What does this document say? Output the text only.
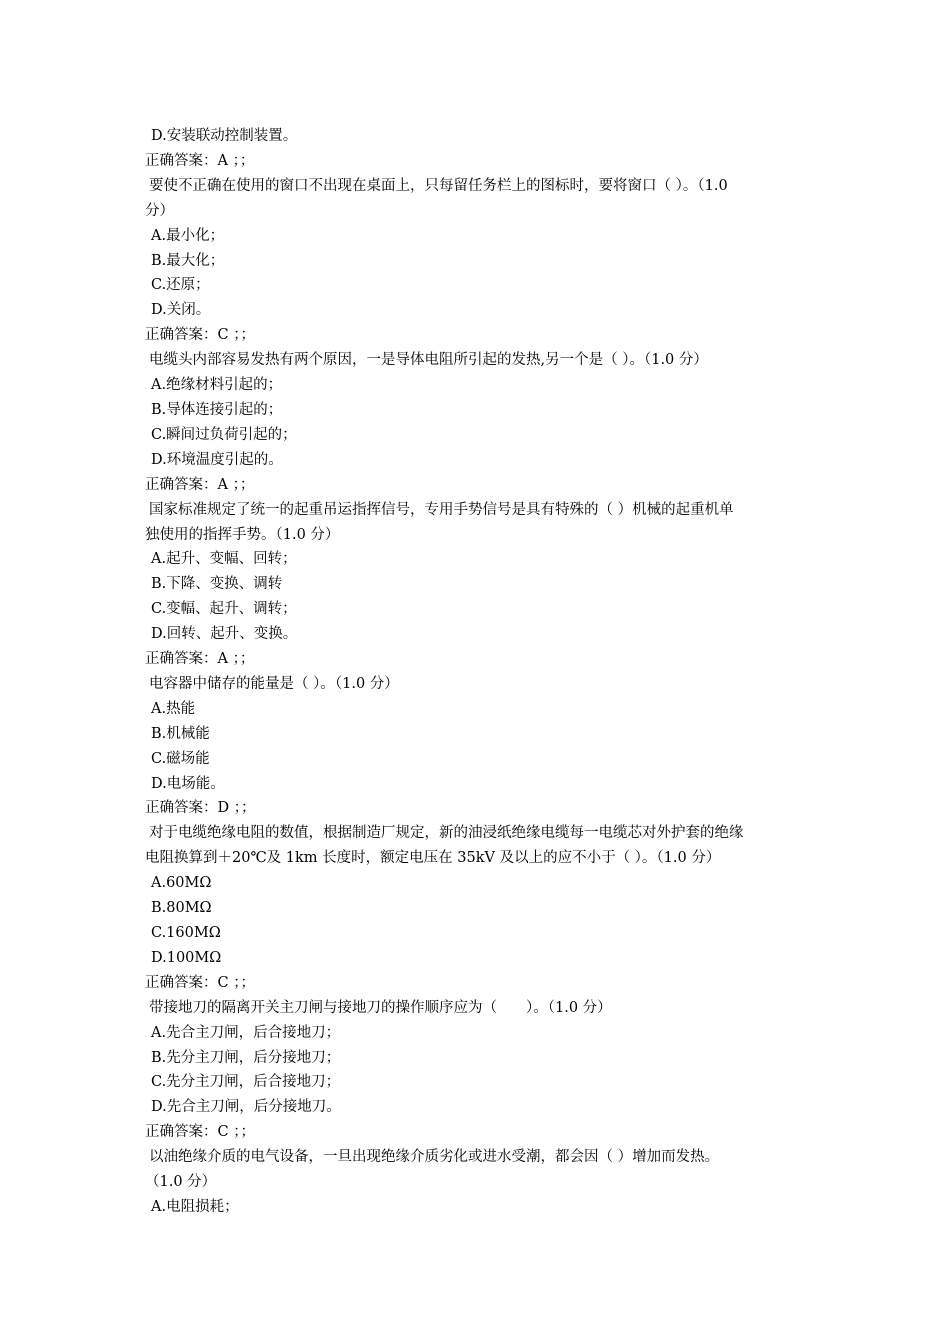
D.安装联动控制装置。
正确答案：A ；；
要使不正确在使用的窗口不出现在桌面上，只每留任务栏上的图标时，要将窗口（ ）。（1.0
分）
A.最小化；
B.最大化；
C.还原；
D.关闭。
正确答案：C ；；
电缆头内部容易发热有两个原因，一是导体电阻所引起的发热,另一个是（ ）。（1.0 分）
A.绝缘材料引起的；
B.导体连接引起的；
C.瞬间过负荷引起的；
D.环境温度引起的。
正确答案：A ；；
国家标准规定了统一的起重吊运指挥信号，专用手势信号是具有特殊的（ ）机械的起重机单
独使用的指挥手势。（1.0 分）
A.起升、变幅、回转；
B.下降、变换、调转
C.变幅、起升、调转；
D.回转、起升、变换。
正确答案：A ；；
电容器中储存的能量是（ ）。（1.0 分）
A.热能
B.机械能
C.磁场能
D.电场能。
正确答案：D ；；
对于电缆绝缘电阻的数值，根据制造厂规定，新的油浸纸绝缘电缆每一电缆芯对外护套的绝缘
电阻换算到＋20℃及 1km 长度时，额定电压在 35kV 及以上的应不小于（ ）。（1.0 分）
A.60MΩ
B.80MΩ
C.160MΩ
D.100MΩ
正确答案：C ；；
带接地刀的隔离开关主刀闸与接地刀的操作顺序应为（　　）。（1.0 分）
A.先合主刀闸，后合接地刀；
B.先分主刀闸，后分接地刀；
C.先分主刀闸，后合接地刀；
D.先合主刀闸，后分接地刀。
正确答案：C ；；
以油绝缘介质的电气设备，一旦出现绝缘介质劣化或进水受潮，都会因（ ）增加而发热。
（1.0 分）
A.电阻损耗；
